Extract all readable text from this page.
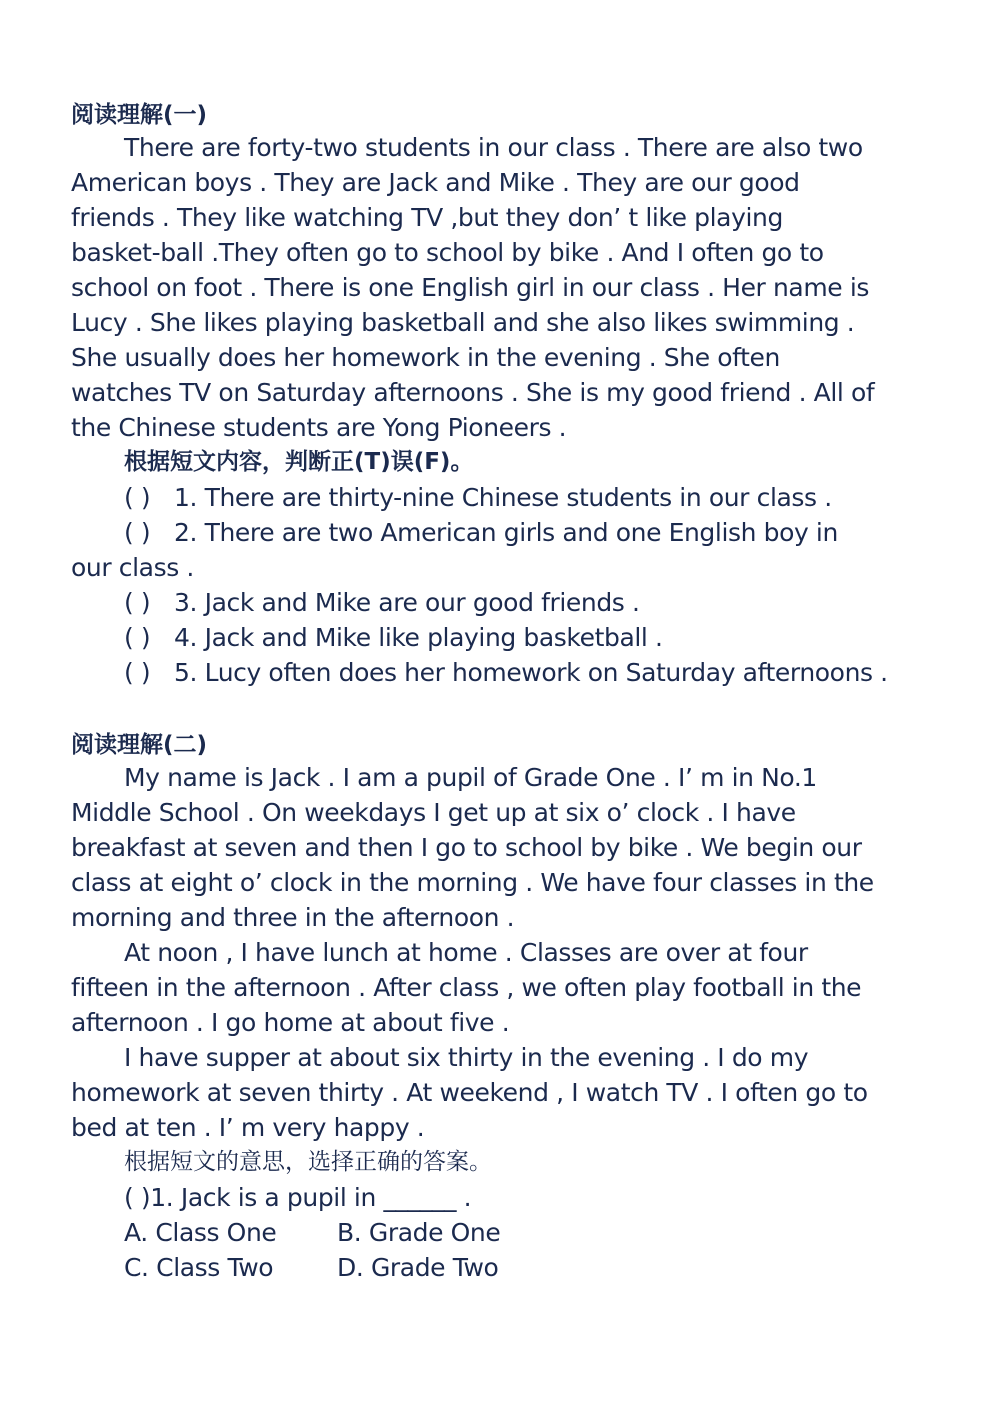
阅读理解(一)
There are forty-two students in our class . There are also two
American boys . They are Jack and Mike . They are our good
friends . They like watching TV ,but they don’ t like playing
basket-ball .They often go to school by bike . And I often go to
school on foot . There is one English girl in our class . Her name is
Lucy . She likes playing basketball and she also likes swimming .
She usually does her homework in the evening . She often
watches TV on Saturday afternoons . She is my good friend . All of
the Chinese students are Yong Pioneers .
根据短文内容，判断正(T)误(F)。
( ) 1. There are thirty-nine Chinese students in our class .
( ) 2. There are two American girls and one English boy in
our class .
( ) 3. Jack and Mike are our good friends .
( ) 4. Jack and Mike like playing basketball .
( ) 5. Lucy often does her homework on Saturday afternoons .
阅读理解(二)
My name is Jack . I am a pupil of Grade One . I’ m in No.1
Middle School . On weekdays I get up at six o’ clock . I have
breakfast at seven and then I go to school by bike . We begin our
class at eight o’ clock in the morning . We have four classes in the
morning and three in the afternoon .
At noon , I have lunch at home . Classes are over at four
fifteen in the afternoon . After class , we often play football in the
afternoon . I go home at about five .
I have supper at about six thirty in the evening . I do my
homework at seven thirty . At weekend , I watch TV . I often go to
bed at ten . I’ m very happy .
根据短文的意思，选择正确的答案。
( )1. Jack is a pupil in ______ .
A. Class One B. Grade One
C. Class Two	D. Grade Two
